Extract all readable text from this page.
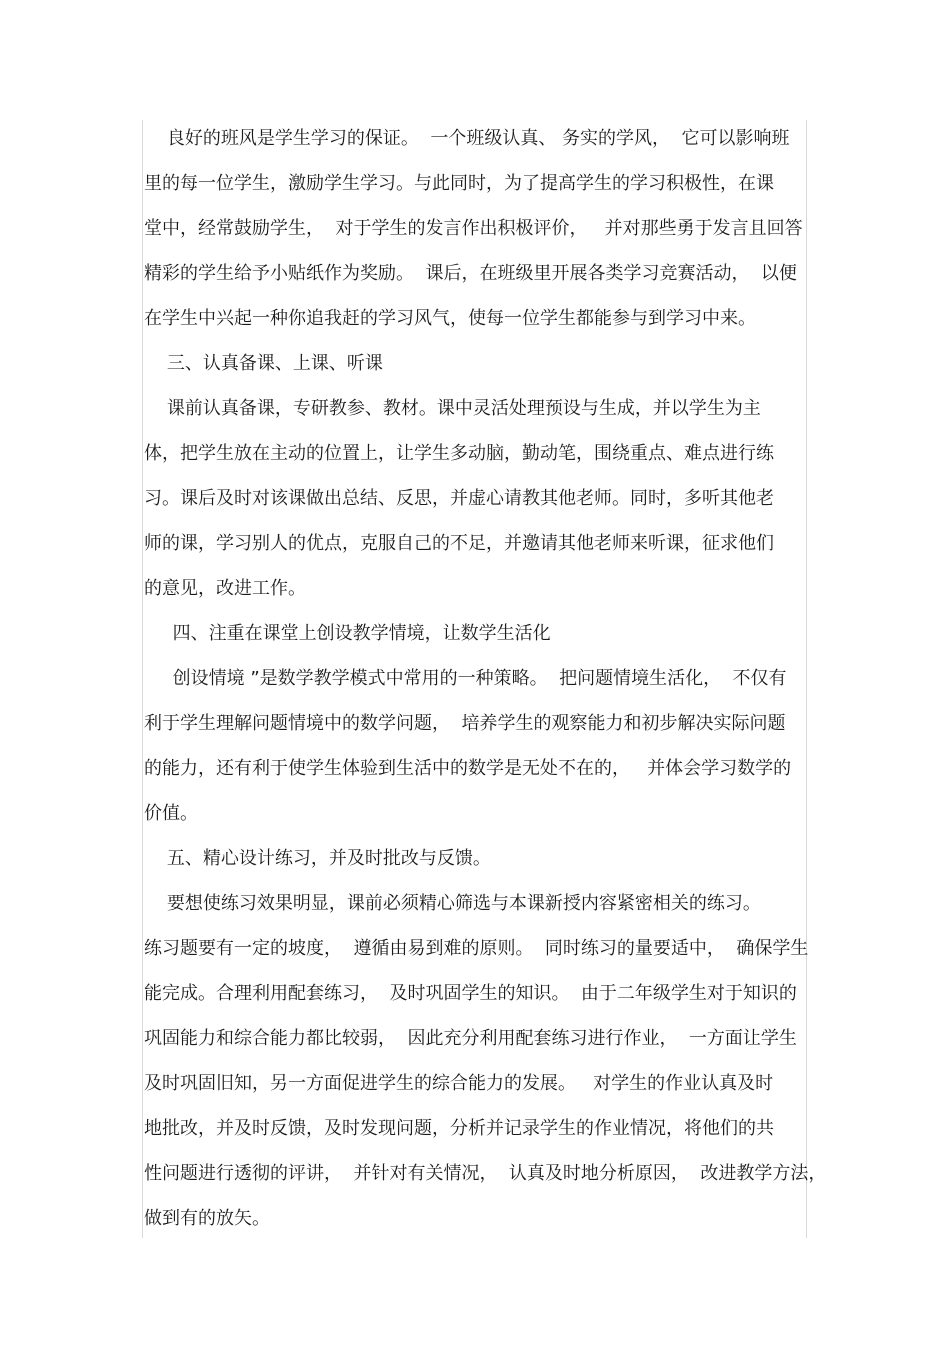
良好的班风是学生学习的保证。  一个班级认真、 务实的学风，  它可以影响班
里的每一位学生，激励学生学习。与此同时，为了提高学生的学习积极性，在课
堂中，经常鼓励学生，  对于学生的发言作出积极评价，   并对那些勇于发言且回答
精彩的学生给予小贴纸作为奖励。  课后，在班级里开展各类学习竞赛活动，  以便
在学生中兴起一种你追我赶的学习风气，使每一位学生都能参与到学习中来。
三、认真备课、上课、听课
课前认真备课，专研教参、教材。课中灵活处理预设与生成，并以学生为主
体，把学生放在主动的位置上，让学生多动脑，勤动笔，围绕重点、难点进行练
习。课后及时对该课做出总结、反思，并虚心请教其他老师。同时，多听其他老
师的课，学习别人的优点，克服自己的不足，并邀请其他老师来听课，征求他们
的意见，改进工作。
四、注重在课堂上创设教学情境，让数学生活化
创设情境 ”是数学教学模式中常用的一种策略。  把问题情境生活化，  不仅有
利于学生理解问题情境中的数学问题，  培养学生的观察能力和初步解决实际问题
的能力，还有利于使学生体验到生活中的数学是无处不在的，   并体会学习数学的
价值。
五、精心设计练习，并及时批改与反馈。
要想使练习效果明显，课前必须精心筛选与本课新授内容紧密相关的练习。
练习题要有一定的坡度，  遵循由易到难的原则。  同时练习的量要适中，  确保学生
能完成。合理利用配套练习，  及时巩固学生的知识。  由于二年级学生对于知识的
巩固能力和综合能力都比较弱，  因此充分利用配套练习进行作业，  一方面让学生
及时巩固旧知，另一方面促进学生的综合能力的发展。   对学生的作业认真及时
地批改，并及时反馈，及时发现问题，分析并记录学生的作业情况，将他们的共
性问题进行透彻的评讲，  并针对有关情况，  认真及时地分析原因，  改进教学方法，
做到有的放矢。
